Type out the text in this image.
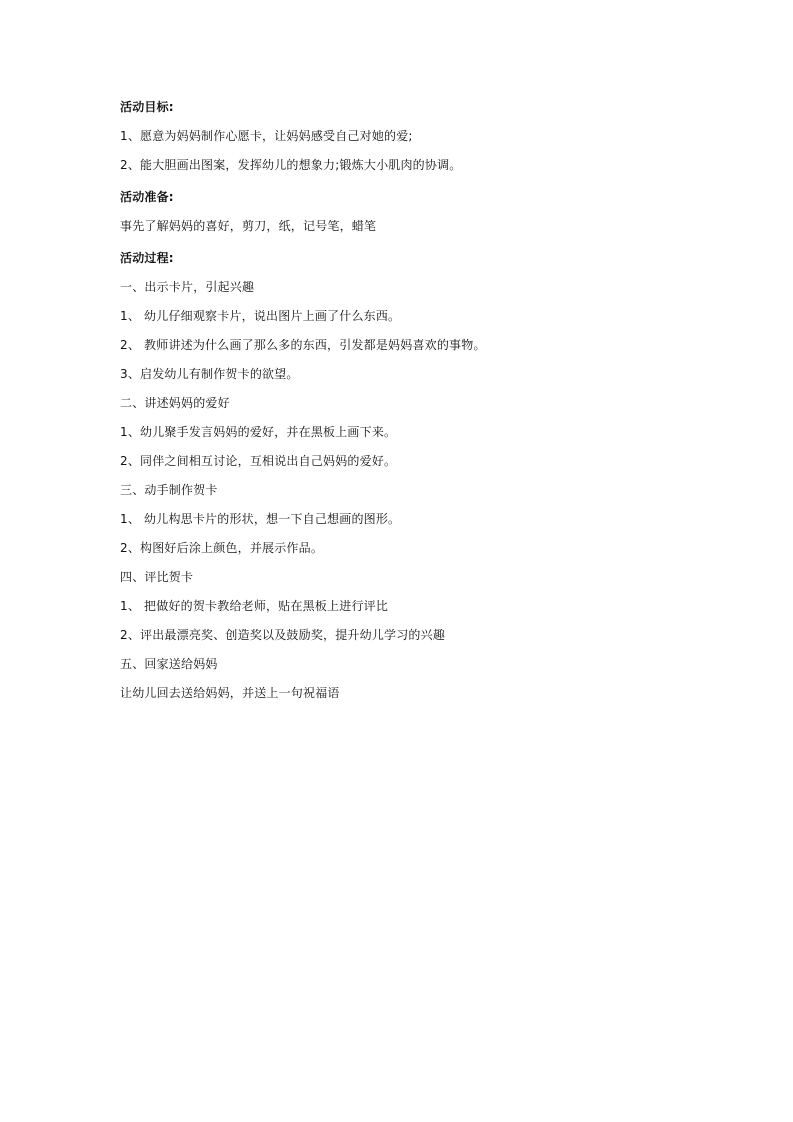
活动目标:
1、愿意为妈妈制作心愿卡，让妈妈感受自己对她的爱;
2、能大胆画出图案，发挥幼儿的想象力;锻炼大小肌肉的协调。
活动准备:
事先了解妈妈的喜好，剪刀，纸，记号笔，蜡笔
活动过程:
一、出示卡片，引起兴趣
1、 幼儿仔细观察卡片，说出图片上画了什么东西。
2、 教师讲述为什么画了那么多的东西，引发都是妈妈喜欢的事物。
3、启发幼儿有制作贺卡的欲望。
二、讲述妈妈的爱好
1、幼儿聚手发言妈妈的爱好，并在黑板上画下来。
2、同伴之间相互讨论，互相说出自己妈妈的爱好。
三、动手制作贺卡
1、 幼儿构思卡片的形状，想一下自己想画的图形。
2、构图好后涂上颜色，并展示作品。
四、评比贺卡
1、 把做好的贺卡教给老师，贴在黑板上进行评比
2、评出最漂亮奖、创造奖以及鼓励奖，提升幼儿学习的兴趣
五、回家送给妈妈
让幼儿回去送给妈妈，并送上一句祝福语
